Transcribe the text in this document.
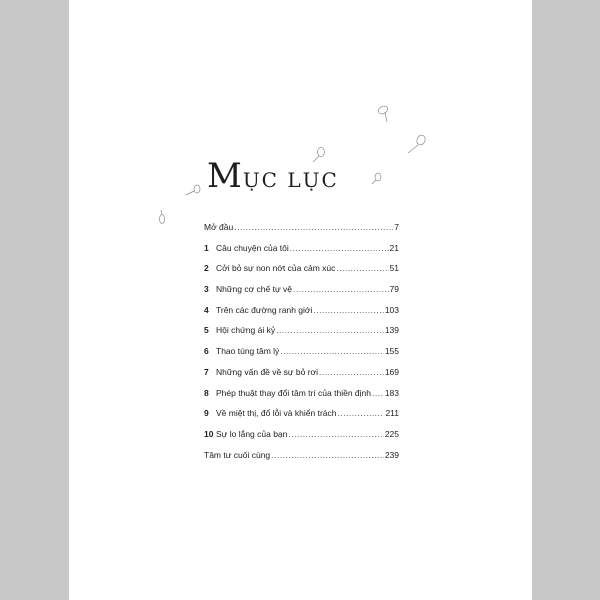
MỤC LỤC
Mở đầu .....	7
1 Câu chuyện của tôi .....	21
2 Cởi bỏ sự non nớt của cảm xúc .....	51
3 Những cơ chế tự vệ .....	79
4 Trên các đường ranh giới .....	103
5 Hội chứng ái kỷ .....	139
6 Thao túng tâm lý .....	155
7 Những vấn đề về sự bỏ rơi .....	169
8 Phép thuật thay đổi tâm trí của thiền định ..... 183
9 Về miệt thị, đổ lỗi và khiển trách .....	211
10 Sự lo lắng của bạn .....	225
Tâm tư cuối cùng .....	239
